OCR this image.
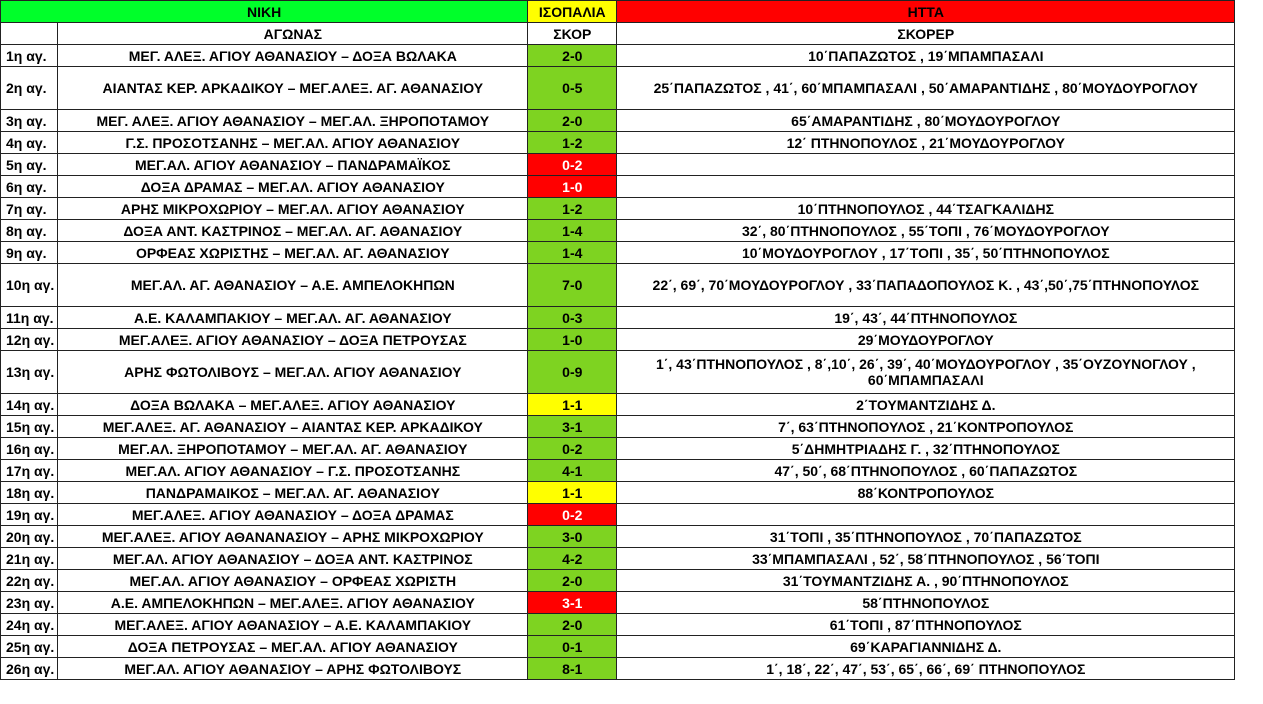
ΝΙΚΗ		ΙΣΟΠΑΛΙΑ	ΗΤΤΑ
	ΑΓΩΝΑΣ	ΣΚΟΡ	ΣΚΟΡΕΡ
1η αγ.	ΜΕΓ. ΑΛΕΞ. ΑΓΙΟΥ ΑΘΑΝΑΣΙΟΥ – ΔΟΞΑ ΒΩΛΑΚΑ	2-0	10΄ΠΑΠΑΖΩΤΟΣ , 19΄ΜΠΑΜΠΑΣΑΛΙ
2η αγ.	ΑΙΑΝΤΑΣ ΚΕΡ. ΑΡΚΑΔΙΚΟΥ – ΜΕΓ.ΑΛΕΞ. ΑΓ. ΑΘΑΝΑΣΙΟΥ	0-5	25΄ΠΑΠΑΖΩΤΟΣ , 41΄, 60΄ΜΠΑΜΠΑΣΑΛΙ , 50΄ΑΜΑΡΑΝΤΙΔΗΣ , 80΄ΜΟΥΔΟΥΡΟΓΛΟΥ
3η αγ.	ΜΕΓ. ΑΛΕΞ. ΑΓΙΟΥ ΑΘΑΝΑΣΙΟΥ – ΜΕΓ.ΑΛ. ΞΗΡΟΠΟΤΑΜΟΥ	2-0	65΄ΑΜΑΡΑΝΤΙΔΗΣ , 80΄ΜΟΥΔΟΥΡΟΓΛΟΥ
4η αγ.	Γ.Σ. ΠΡΟΣΟΤΣΑΝΗΣ – ΜΕΓ.ΑΛ. ΑΓΙΟΥ ΑΘΑΝΑΣΙΟΥ	1-2	12΄ ΠΤΗΝΟΠΟΥΛΟΣ , 21΄ΜΟΥΔΟΥΡΟΓΛΟΥ
5η αγ.	ΜΕΓ.ΑΛ. ΑΓΙΟΥ ΑΘΑΝΑΣΙΟΥ – ΠΑΝΔΡΑΜΑΪΚΟΣ	0-2	
6η αγ.	ΔΟΞΑ ΔΡΑΜΑΣ – ΜΕΓ.ΑΛ. ΑΓΙΟΥ ΑΘΑΝΑΣΙΟΥ	1-0	
7η αγ.	ΑΡΗΣ ΜΙΚΡΟΧΩΡΙΟΥ – ΜΕΓ.ΑΛ. ΑΓΙΟΥ ΑΘΑΝΑΣΙΟΥ	1-2	10΄ΠΤΗΝΟΠΟΥΛΟΣ , 44΄ΤΣΑΓΚΑΛΙΔΗΣ
8η αγ.	ΔΟΞΑ ΑΝΤ. ΚΑΣΤΡΙΝΟΣ – ΜΕΓ.ΑΛ. ΑΓ. ΑΘΑΝΑΣΙΟΥ	1-4	32΄, 80΄ΠΤΗΝΟΠΟΥΛΟΣ , 55΄ΤΟΠΙ , 76΄ΜΟΥΔΟΥΡΟΓΛΟΥ
9η αγ.	ΟΡΦΕΑΣ ΧΩΡΙΣΤΗΣ – ΜΕΓ.ΑΛ. ΑΓ. ΑΘΑΝΑΣΙΟΥ	1-4	10΄ΜΟΥΔΟΥΡΟΓΛΟΥ , 17΄ΤΟΠΙ , 35΄, 50΄ΠΤΗΝΟΠΟΥΛΟΣ
10η αγ.	ΜΕΓ.ΑΛ. ΑΓ. ΑΘΑΝΑΣΙΟΥ – Α.Ε. ΑΜΠΕΛΟΚΗΠΩΝ	7-0	22΄, 69΄, 70΄ΜΟΥΔΟΥΡΟΓΛΟΥ , 33΄ΠΑΠΑΔΟΠΟΥΛΟΣ Κ. , 43΄,50΄,75΄ΠΤΗΝΟΠΟΥΛΟΣ
11η αγ.	Α.Ε. ΚΑΛΑΜΠΑΚΙΟΥ – ΜΕΓ.ΑΛ. ΑΓ. ΑΘΑΝΑΣΙΟΥ	0-3	19΄, 43΄, 44΄ΠΤΗΝΟΠΟΥΛΟΣ
12η αγ.	ΜΕΓ.ΑΛΕΞ. ΑΓΙΟΥ ΑΘΑΝΑΣΙΟΥ – ΔΟΞΑ ΠΕΤΡΟΥΣΑΣ	1-0	29΄ΜΟΥΔΟΥΡΟΓΛΟΥ
13η αγ.	ΑΡΗΣ ΦΩΤΟΛΙΒΟΥΣ – ΜΕΓ.ΑΛ. ΑΓΙΟΥ ΑΘΑΝΑΣΙΟΥ	0-9	1΄, 43΄ΠΤΗΝΟΠΟΥΛΟΣ , 8΄,10΄, 26΄, 39΄, 40΄ΜΟΥΔΟΥΡΟΓΛΟΥ , 35΄ΟΥΖΟΥΝΟΓΛΟΥ , 60΄ΜΠΑΜΠΑΣΑΛΙ
14η αγ.	ΔΟΞΑ ΒΩΛΑΚΑ – ΜΕΓ.ΑΛΕΞ. ΑΓΙΟΥ ΑΘΑΝΑΣΙΟΥ	1-1	2΄ΤΟΥΜΑΝΤΖΙΔΗΣ Δ.
15η αγ.	ΜΕΓ.ΑΛΕΞ. ΑΓ. ΑΘΑΝΑΣΙΟΥ – ΑΙΑΝΤΑΣ ΚΕΡ. ΑΡΚΑΔΙΚΟΥ	3-1	7΄, 63΄ΠΤΗΝΟΠΟΥΛΟΣ , 21΄ΚΟΝΤΡΟΠΟΥΛΟΣ
16η αγ.	ΜΕΓ.ΑΛ. ΞΗΡΟΠΟΤΑΜΟΥ – ΜΕΓ.ΑΛ. ΑΓ. ΑΘΑΝΑΣΙΟΥ	0-2	5΄ΔΗΜΗΤΡΙΑΔΗΣ Γ. , 32΄ΠΤΗΝΟΠΟΥΛΟΣ
17η αγ.	ΜΕΓ.ΑΛ. ΑΓΙΟΥ ΑΘΑΝΑΣΙΟΥ – Γ.Σ. ΠΡΟΣΟΤΣΑΝΗΣ	4-1	47΄, 50΄, 68΄ΠΤΗΝΟΠΟΥΛΟΣ , 60΄ΠΑΠΑΖΩΤΟΣ
18η αγ.	ΠΑΝΔΡΑΜΑΙΚΟΣ – ΜΕΓ.ΑΛ. ΑΓ. ΑΘΑΝΑΣΙΟΥ	1-1	88΄ΚΟΝΤΡΟΠΟΥΛΟΣ
19η αγ.	ΜΕΓ.ΑΛΕΞ. ΑΓΙΟΥ ΑΘΑΝΑΣΙΟΥ – ΔΟΞΑ ΔΡΑΜΑΣ	0-2	
20η αγ.	ΜΕΓ.ΑΛΕΞ. ΑΓΙΟΥ ΑΘΑΝΑΝΑΣΙΟΥ – ΑΡΗΣ ΜΙΚΡΟΧΩΡΙΟΥ	3-0	31΄ΤΟΠΙ , 35΄ΠΤΗΝΟΠΟΥΛΟΣ , 70΄ΠΑΠΑΖΩΤΟΣ
21η αγ.	ΜΕΓ.ΑΛ. ΑΓΙΟΥ ΑΘΑΝΑΣΙΟΥ – ΔΟΞΑ ΑΝΤ. ΚΑΣΤΡΙΝΟΣ	4-2	33΄ΜΠΑΜΠΑΣΑΛΙ , 52΄, 58΄ΠΤΗΝΟΠΟΥΛΟΣ , 56΄ΤΟΠΙ
22η αγ.	ΜΕΓ.ΑΛ. ΑΓΙΟΥ ΑΘΑΝΑΣΙΟΥ – ΟΡΦΕΑΣ ΧΩΡΙΣΤΗ	2-0	31΄ΤΟΥΜΑΝΤΖΙΔΗΣ Α. , 90΄ΠΤΗΝΟΠΟΥΛΟΣ
23η αγ.	Α.Ε. ΑΜΠΕΛΟΚΗΠΩΝ – ΜΕΓ.ΑΛΕΞ. ΑΓΙΟΥ ΑΘΑΝΑΣΙΟΥ	3-1	58΄ΠΤΗΝΟΠΟΥΛΟΣ
24η αγ.	ΜΕΓ.ΑΛΕΞ. ΑΓΙΟΥ ΑΘΑΝΑΣΙΟΥ – Α.Ε. ΚΑΛΑΜΠΑΚΙΟΥ	2-0	61΄ΤΟΠΙ , 87΄ΠΤΗΝΟΠΟΥΛΟΣ
25η αγ.	ΔΟΞΑ ΠΕΤΡΟΥΣΑΣ – ΜΕΓ.ΑΛ. ΑΓΙΟΥ ΑΘΑΝΑΣΙΟΥ	0-1	69΄ΚΑΡΑΓΙΑΝΝΙΔΗΣ Δ.
26η αγ.	ΜΕΓ.ΑΛ. ΑΓΙΟΥ ΑΘΑΝΑΣΙΟΥ – ΑΡΗΣ ΦΩΤΟΛΙΒΟΥΣ	8-1	1΄, 18΄, 22΄, 47΄, 53΄, 65΄, 66΄, 69΄ ΠΤΗΝΟΠΟΥΛΟΣ
